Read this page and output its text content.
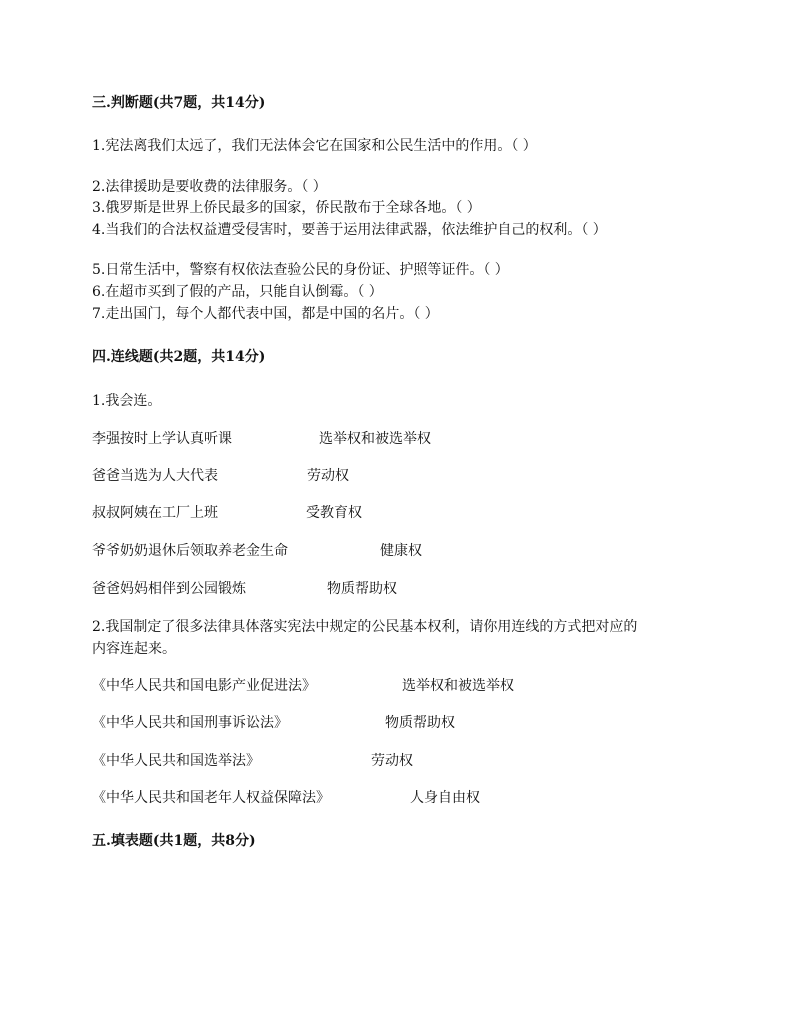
三.判断题(共7题，共14分)
1.宪法离我们太远了，我们无法体会它在国家和公民生活中的作用。（ ）
2.法律援助是要收费的法律服务。（ ）
3.俄罗斯是世界上侨民最多的国家，侨民散布于全球各地。（ ）
4.当我们的合法权益遭受侵害时，要善于运用法律武器，依法维护自己的权利。（ ）
5.日常生活中，警察有权依法查验公民的身份证、护照等证件。（ ）
6.在超市买到了假的产品，只能自认倒霉。（ ）
7.走出国门，每个人都代表中国，都是中国的名片。（ ）
四.连线题(共2题，共14分)
1.我会连。
李强按时上学认真听课	选举权和被选举权
爸爸当选为人大代表	劳动权
叔叔阿姨在工厂上班	受教育权
爷爷奶奶退休后领取养老金生命	健康权
爸爸妈妈相伴到公园锻炼	物质帮助权
2.我国制定了很多法律具体落实宪法中规定的公民基本权利，请你用连线的方式把对应的
内容连起来。
《中华人民共和国电影产业促进法》	选举权和被选举权
《中华人民共和国刑事诉讼法》	物质帮助权
《中华人民共和国选举法》	劳动权
《中华人民共和国老年人权益保障法》	人身自由权
五.填表题(共1题，共8分)
